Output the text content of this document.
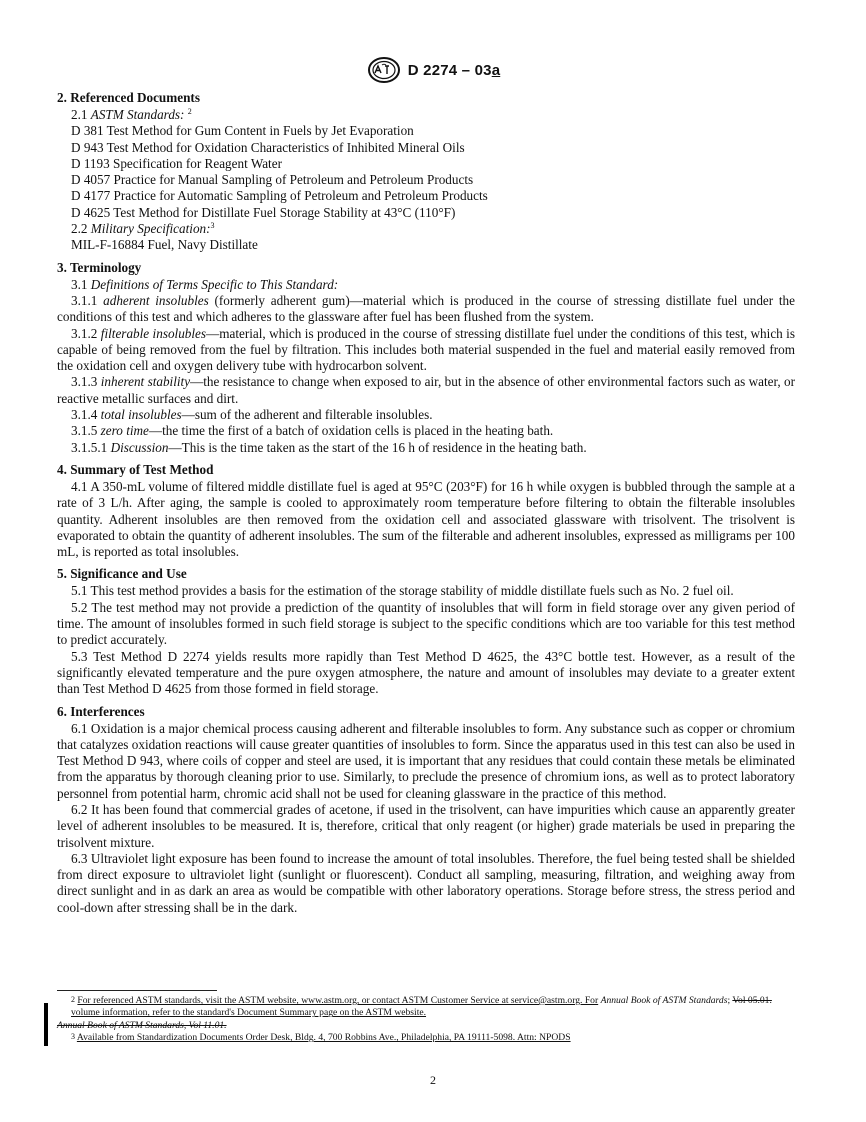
D 2274 – 03a

2. Referenced Documents

2.1 ASTM Standards: $^2$

D 381 Test Method for Gum Content in Fuels by Jet Evaporation
D 943 Test Method for Oxidation Characteristics of Inhibited Mineral Oils
D 1193 Specification for Reagent Water
D 4057 Practice for Manual Sampling of Petroleum and Petroleum Products
D 4177 Practice for Automatic Sampling of Petroleum and Petroleum Products
D 4625 Test Method for Distillate Fuel Storage Stability at 43°C (110°F)

2.2 Military Specification:$^3$

MIL-F-16884 Fuel, Navy Distillate

3. Terminology

3.1 Definitions of Terms Specific to This Standard:

3.1.1 adherent insolubles (formerly adherent gum)—material which is produced in the course of stressing distillate fuel under the conditions of this test and which adheres to the glassware after fuel has been flushed from the system.

3.1.2 filterable insolubles—material, which is produced in the course of stressing distillate fuel under the conditions of this test, which is capable of being removed from the fuel by filtration. This includes both material suspended in the fuel and material easily removed from the oxidation cell and oxygen delivery tube with hydrocarbon solvent.

3.1.3 inherent stability—the resistance to change when exposed to air, but in the absence of other environmental factors such as water, or reactive metallic surfaces and dirt.

3.1.4 total insolubles—sum of the adherent and filterable insolubles.

3.1.5 zero time—the time the first of a batch of oxidation cells is placed in the heating bath.

3.1.5.1 Discussion—This is the time taken as the start of the 16 h of residence in the heating bath.

4. Summary of Test Method

4.1 A 350-mL volume of filtered middle distillate fuel is aged at 95°C (203°F) for 16 h while oxygen is bubbled through the sample at a rate of 3 L/h. After aging, the sample is cooled to approximately room temperature before filtering to obtain the filterable insolubles quantity. Adherent insolubles are then removed from the oxidation cell and associated glassware with trisolvent. The trisolvent is evaporated to obtain the quantity of adherent insolubles. The sum of the filterable and adherent insolubles, expressed as milligrams per 100 mL, is reported as total insolubles.

5. Significance and Use

5.1 This test method provides a basis for the estimation of the storage stability of middle distillate fuels such as No. 2 fuel oil.

5.2 The test method may not provide a prediction of the quantity of insolubles that will form in field storage over any given period of time. The amount of insolubles formed in such field storage is subject to the specific conditions which are too variable for this test method to predict accurately.

5.3 Test Method D 2274 yields results more rapidly than Test Method D 4625, the 43°C bottle test. However, as a result of the significantly elevated temperature and the pure oxygen atmosphere, the nature and amount of insolubles may deviate to a greater extent than Test Method D 4625 from those formed in field storage.

6. Interferences

6.1 Oxidation is a major chemical process causing adherent and filterable insolubles to form. Any substance such as copper or chromium that catalyzes oxidation reactions will cause greater quantities of insolubles to form. Since the apparatus used in this test can also be used in Test Method D 943, where coils of copper and steel are used, it is important that any residues that could contain these metals be eliminated from the apparatus by thorough cleaning prior to use. Similarly, to preclude the presence of chromium ions, as well as to protect laboratory personnel from potential harm, chromic acid shall not be used for cleaning glassware in the practice of this method.

6.2 It has been found that commercial grades of acetone, if used in the trisolvent, can have impurities which cause an apparently greater level of adherent insolubles to be measured. It is, therefore, critical that only reagent (or higher) grade materials be used in preparing the trisolvent mixture.

6.3 Ultraviolet light exposure has been found to increase the amount of total insolubles. Therefore, the fuel being tested shall be shielded from direct exposure to ultraviolet light (sunlight or fluorescent). Conduct all sampling, measuring, filtration, and weighing away from direct sunlight and in as dark an area as would be compatible with other laboratory operations. Storage before stress, the stress period and cool-down after stressing shall be in the dark.

$^2$ For referenced ASTM standards, visit the ASTM website, www.astm.org, or contact ASTM Customer Service at service@astm.org. For Annual Book of ASTM Standards; Vol 05.01. volume information, refer to the standard's Document Summary page on the ASTM website.
Annual Book of ASTM Standards, Vol 11.01.
$^3$ Available from Standardization Documents Order Desk, Bldg. 4, 700 Robbins Ave., Philadelphia, PA 19111-5098. Attn: NPODS
2
